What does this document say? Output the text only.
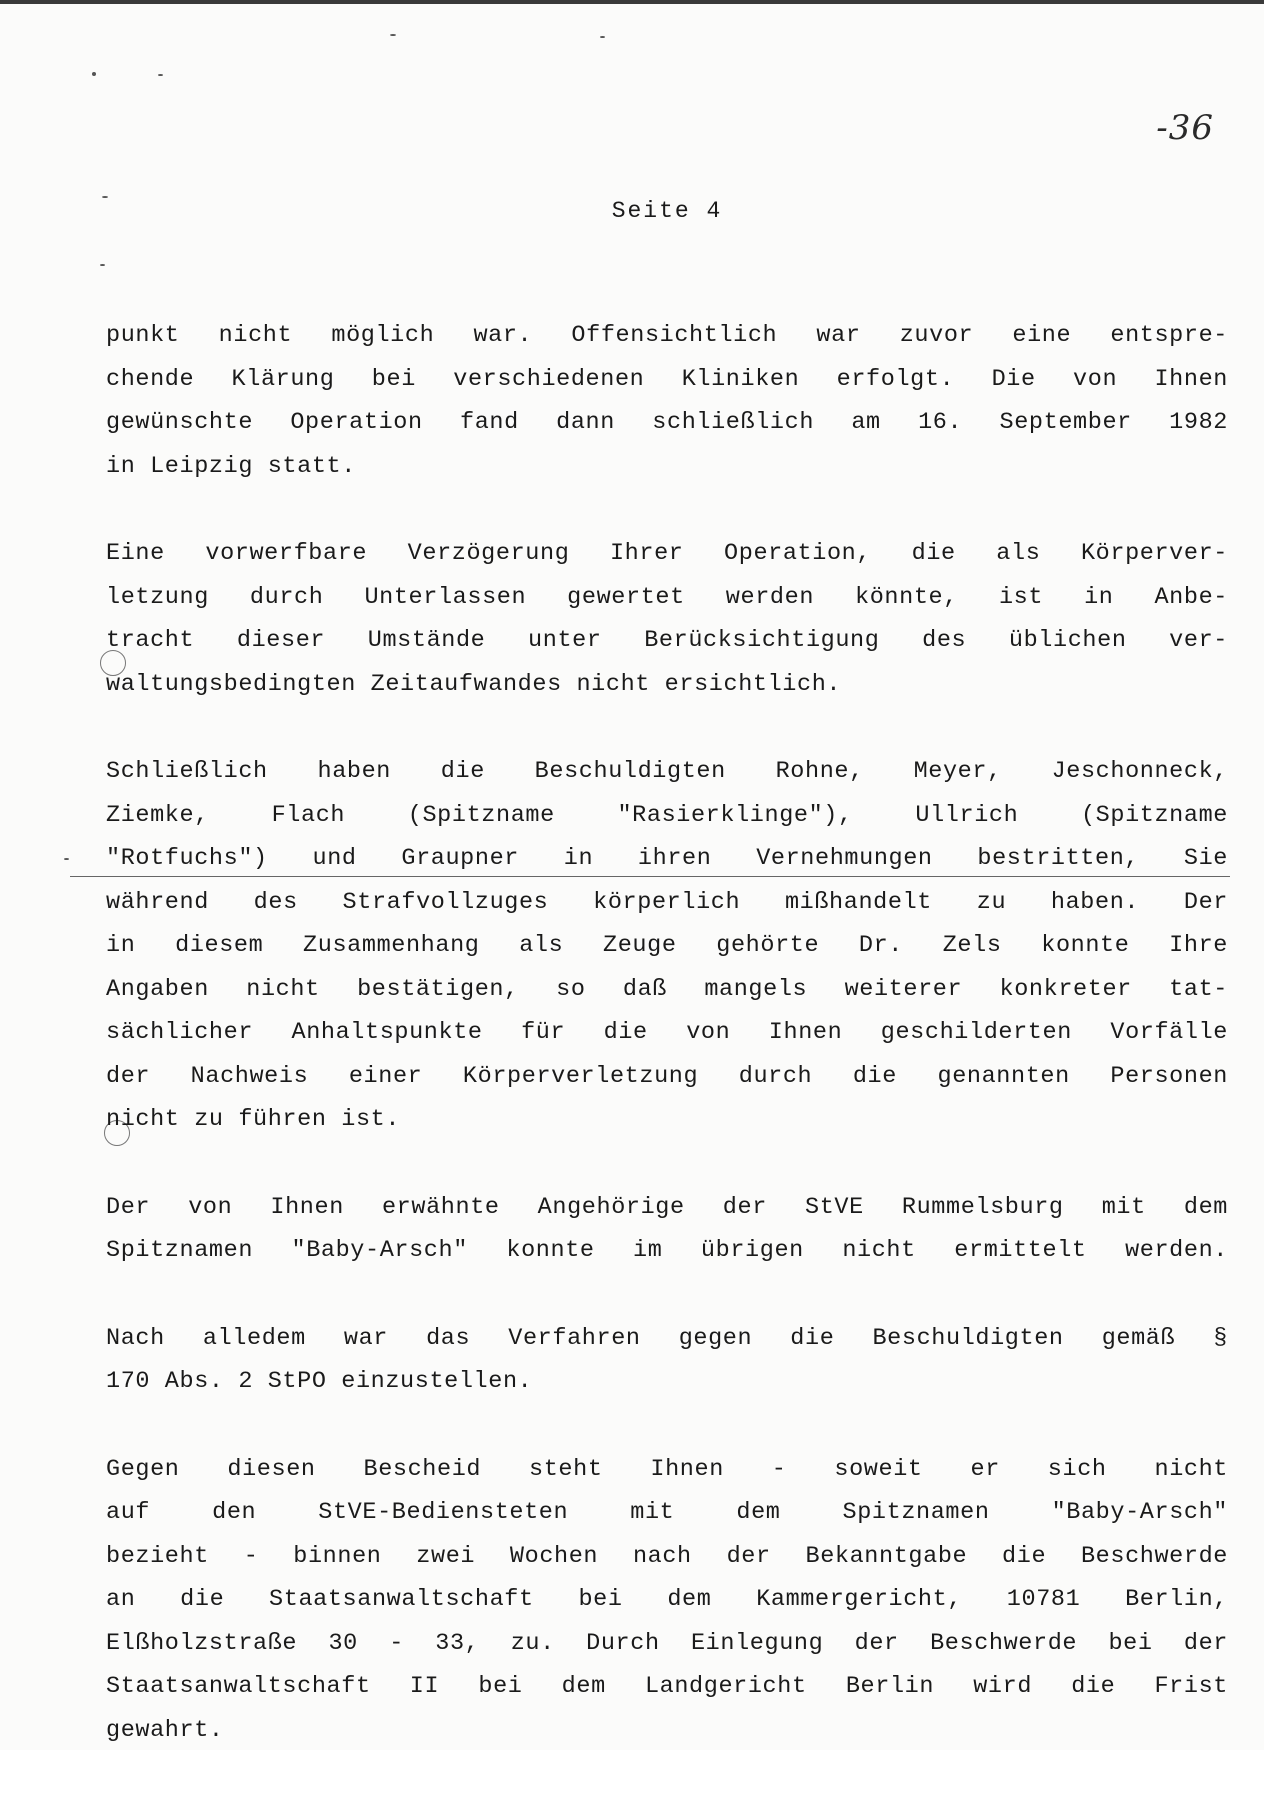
-36
Seite 4
punkt nicht möglich war. Offensichtlich war zuvor eine entspre-
chende Klärung bei verschiedenen Kliniken erfolgt. Die von Ihnen
gewünschte Operation fand dann schließlich am 16. September 1982
in Leipzig statt.
Eine vorwerfbare Verzögerung Ihrer Operation, die als Körperver-
letzung durch Unterlassen gewertet werden könnte, ist in Anbe-
tracht dieser Umstände unter Berücksichtigung des üblichen ver-
waltungsbedingten Zeitaufwandes nicht ersichtlich.
Schließlich haben die Beschuldigten Rohne, Meyer, Jeschonneck,
Ziemke, Flach (Spitzname "Rasierklinge"), Ullrich (Spitzname
"Rotfuchs") und Graupner in ihren Vernehmungen bestritten, Sie
während des Strafvollzuges körperlich mißhandelt zu haben. Der
in diesem Zusammenhang als Zeuge gehörte Dr. Zels konnte Ihre
Angaben nicht bestätigen, so daß mangels weiterer konkreter tat-
sächlicher Anhaltspunkte für die von Ihnen geschilderten Vorfälle
der Nachweis einer Körperverletzung durch die genannten Personen
nicht zu führen ist.
Der von Ihnen erwähnte Angehörige der StVE Rummelsburg mit dem
Spitznamen "Baby-Arsch" konnte im übrigen nicht ermittelt werden.
Nach alledem war das Verfahren gegen die Beschuldigten gemäß §
170 Abs. 2 StPO einzustellen.
Gegen diesen Bescheid steht Ihnen - soweit er sich nicht
auf den StVE-Bediensteten mit dem Spitznamen "Baby-Arsch"
bezieht - binnen zwei Wochen nach der Bekanntgabe die Beschwerde
an die Staatsanwaltschaft bei dem Kammergericht, 10781 Berlin,
Elßholzstraße 30 - 33, zu. Durch Einlegung der Beschwerde bei der
Staatsanwaltschaft II bei dem Landgericht Berlin wird die Frist
gewahrt.
